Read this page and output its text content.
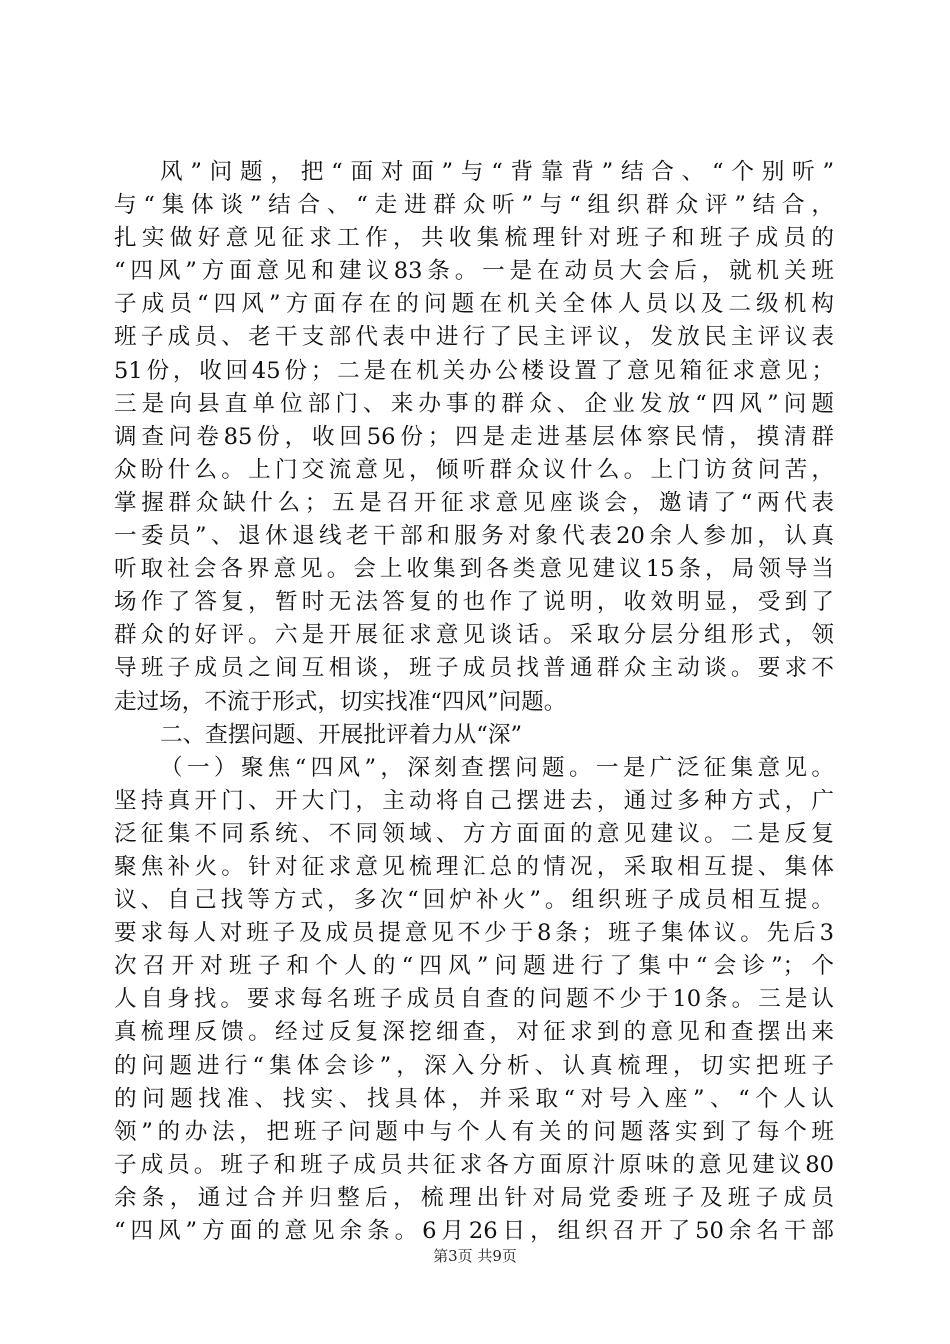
风”问题，把“面对面”与“背靠背”结合、“个别听”
与“集体谈”结合、“走进群众听”与“组织群众评”结合，
扎实做好意见征求工作，共收集梳理针对班子和班子成员的
“四风”方面意见和建议83条。一是在动员大会后，就机关班
子成员“四风”方面存在的问题在机关全体人员以及二级机构
班子成员、老干支部代表中进行了民主评议，发放民主评议表
51份，收回45份；二是在机关办公楼设置了意见箱征求意见；
三是向县直单位部门、来办事的群众、企业发放“四风”问题
调查问卷85份，收回56份；四是走进基层体察民情，摸清群
众盼什么。上门交流意见，倾听群众议什么。上门访贫问苦，
掌握群众缺什么；五是召开征求意见座谈会，邀请了“两代表
一委员”、退休退线老干部和服务对象代表20余人参加，认真
听取社会各界意见。会上收集到各类意见建议15条，局领导当
场作了答复，暂时无法答复的也作了说明，收效明显，受到了
群众的好评。六是开展征求意见谈话。采取分层分组形式，领
导班子成员之间互相谈，班子成员找普通群众主动谈。要求不
走过场，不流于形式，切实找准“四风”问题。
二、查摆问题、开展批评着力从“深”
（一）聚焦“四风”，深刻查摆问题。一是广泛征集意见。
坚持真开门、开大门，主动将自己摆进去，通过多种方式，广
泛征集不同系统、不同领域、方方面面的意见建议。二是反复
聚焦补火。针对征求意见梳理汇总的情况，采取相互提、集体
议、自己找等方式，多次“回炉补火”。组织班子成员相互提。
要求每人对班子及成员提意见不少于8条；班子集体议。先后3
次召开对班子和个人的“四风”问题进行了集中“会诊”；个
人自身找。要求每名班子成员自查的问题不少于10条。三是认
真梳理反馈。经过反复深挖细查，对征求到的意见和查摆出来
的问题进行“集体会诊”，深入分析、认真梳理，切实把班子
的问题找准、找实、找具体，并采取“对号入座”、“个人认
领”的办法，把班子问题中与个人有关的问题落实到了每个班
子成员。班子和班子成员共征求各方面原汁原味的意见建议80
余条，通过合并归整后，梳理出针对局党委班子及班子成员
“四风”方面的意见余条。6月26日，组织召开了50余名干部
第3页 共9页
